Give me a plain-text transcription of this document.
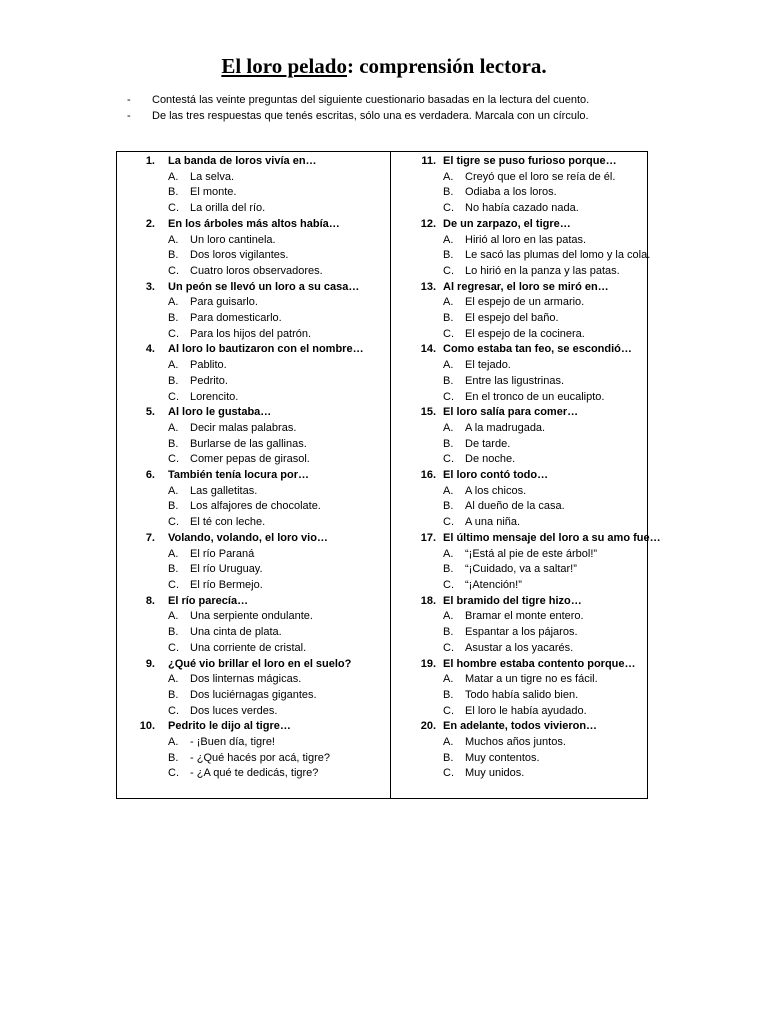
El loro pelado: comprensión lectora.
- Contestá las veinte preguntas del siguiente cuestionario basadas en la lectura del cuento.
- De las tres respuestas que tenés escritas, sólo una es verdadera. Marcala con un círculo.
1. La banda de loros vivía en…
A. La selva.
B. El monte.
C. La orilla del río.
2. En los árboles más altos había…
A. Un loro cantinela.
B. Dos loros vigilantes.
C. Cuatro loros observadores.
3. Un peón se llevó un loro a su casa…
A. Para guisarlo.
B. Para domesticarlo.
C. Para los hijos del patrón.
4. Al loro lo bautizaron con el nombre…
A. Pablito.
B. Pedrito.
C. Lorencito.
5. Al loro le gustaba…
A. Decir malas palabras.
B. Burlarse de las gallinas.
C. Comer pepas de girasol.
6. También tenía locura por…
A. Las galletitas.
B. Los alfajores de chocolate.
C. El té con leche.
7. Volando, volando, el loro vio…
A. El río Paraná
B. El río Uruguay.
C. El río Bermejo.
8. El río parecía…
A. Una serpiente ondulante.
B. Una cinta de plata.
C. Una corriente de cristal.
9. ¿Qué vio brillar el loro en el suelo?
A. Dos linternas mágicas.
B. Dos luciérnagas gigantes.
C. Dos luces verdes.
10. Pedrito le dijo al tigre…
A. - ¡Buen día, tigre!
B. - ¿Qué hacés por acá, tigre?
C. - ¿A qué te dedicás, tigre?
11. El tigre se puso furioso porque…
A. Creyó que el loro se reía de él.
B. Odiaba a los loros.
C. No había cazado nada.
12. De un zarpazo, el tigre…
A. Hirió al loro en las patas.
B. Le sacó las plumas del lomo y la cola.
C. Lo hirió en la panza y las patas.
13. Al regresar, el loro se miró en…
A. El espejo de un armario.
B. El espejo del baño.
C. El espejo de la cocinera.
14. Como estaba tan feo, se escondió…
A. El tejado.
B. Entre las ligustrinas.
C. En el tronco de un eucalipto.
15. El loro salía para comer…
A. A la madrugada.
B. De tarde.
C. De noche.
16. El loro contó todo…
A. A los chicos.
B. Al dueño de la casa.
C. A una niña.
17. El último mensaje del loro a su amo fue…
A. “¡Está al pie de este árbol!”
B. “¡Cuidado, va a saltar!”
C. “¡Atención!”
18. El bramido del tigre hizo…
A. Bramar el monte entero.
B. Espantar a los pájaros.
C. Asustar a los yacarés.
19. El hombre estaba contento porque…
A. Matar a un tigre no es fácil.
B. Todo había salido bien.
C. El loro le había ayudado.
20. En adelante, todos vivieron…
A. Muchos años juntos.
B. Muy contentos.
C. Muy unidos.
